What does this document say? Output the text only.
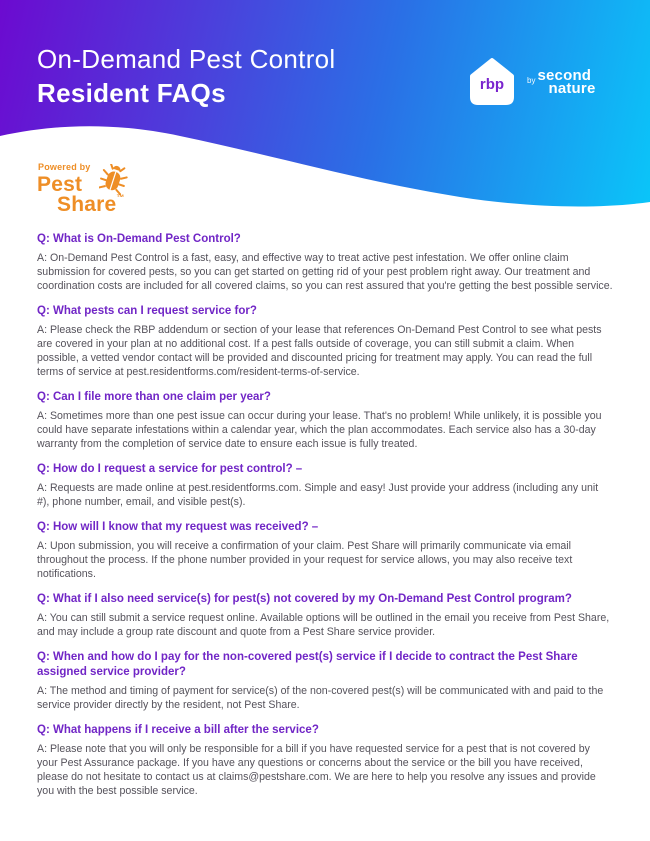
On-Demand Pest Control
Resident FAQs	rbp	by second
nature
Powered by
Pest
Share™
Q: What is On-Demand Pest Control?

A: On-Demand Pest Control is a fast, easy, and effective way to treat active pest infestation. We offer online claim submission for covered pests, so you can get started on getting rid of your pest problem right away. Our treatment and coordination costs are included for all covered claims, so you can rest assured that you're getting the best possible service.

Q: What pests can I request service for?

A: Please check the RBP addendum or section of your lease that references On-Demand Pest Control to see what pests are covered in your plan at no additional cost. If a pest falls outside of coverage, you can still submit a claim. When possible, a vetted vendor contact will be provided and discounted pricing for treatment may apply. You can read the full terms of service at pest.residentforms.com/resident-terms-of-service.

Q: Can I file more than one claim per year?

A: Sometimes more than one pest issue can occur during your lease. That's no problem! While unlikely, it is possible you could have separate infestations within a calendar year, which the plan accommodates. Each service also has a 30-day warranty from the completion of service date to ensure each issue is fully treated.

Q: How do I request a service for pest control? –

A: Requests are made online at pest.residentforms.com. Simple and easy! Just provide your address (including any unit #), phone number, email, and visible pest(s).

Q: How will I know that my request was received? –

A: Upon submission, you will receive a confirmation of your claim. Pest Share will primarily communicate via email throughout the process. If the phone number provided in your request for service allows, you may also receive text notifications.

Q: What if I also need service(s) for pest(s) not covered by my On-Demand Pest Control program?

A: You can still submit a service request online. Available options will be outlined in the email you receive from Pest Share, and may include a group rate discount and quote from a Pest Share service provider.

Q: When and how do I pay for the non-covered pest(s) service if I decide to contract the Pest Share assigned service provider?

A: The method and timing of payment for service(s) of the non-covered pest(s) will be communicated with and paid to the service provider directly by the resident, not Pest Share.

Q: What happens if I receive a bill after the service?

A: Please note that you will only be responsible for a bill if you have requested service for a pest that is not covered by your Pest Assurance package. If you have any questions or concerns about the service or the bill you have received, please do not hesitate to contact us at claims@pestshare.com. We are here to help you resolve any issues and provide you with the best possible service.
